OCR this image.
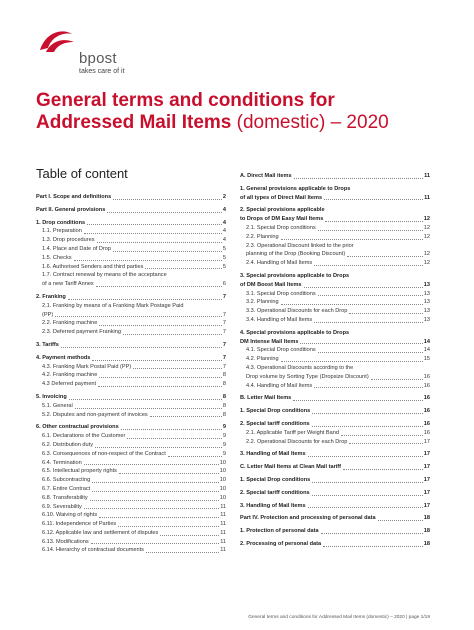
bpost
takes care of it
General terms and conditions for Addressed Mail Items (domestic) – 2020
Table of content
Part I. Scope and definitions	2
Part II. General provisions	4
1. Drop conditions	4
1.1. Preparation	4
1.3. Drop procedures	4
1.4. Place and Date of Drop	5
1.5. Checks	5
1.6. Authorised Senders and third parties	5
1.7. Contract renewal by means of the acceptance
of a new Tariff Annex	6
2. Franking	7
2.1. Franking by means of a Franking Mark Postage Paid
(PP)	7
2.2. Franking machine	7
2.3. Deferred payment Franking	7
3. Tariffs	7
4. Payment methods	7
4.3. Franking Mark Postal Paid (PP)	7
4.2. Franking machine	8
4.3 Deferred payment	8
5. Invoicing	8
5.1. General	8
5.2. Disputes and non-payment of invoices	8
6. Other contractual provisions	9
6.1. Declarations of the Customer	9
6.2. Distribution duty	9
6.3. Consequences of non-respect of the Contract	9
6.4. Termination	10
6.5. Intellectual property rights	10
6.6. Subcontracting	10
6.7. Entire Contract	10
6.8. Transferability	10
6.9. Severability	11
6.10. Waiving of rights	11
6.11. Independence of Parties	11
6.12. Applicable law and settlement of disputes	11
6.13. Modifications	11
6.14. Hierarchy of contractual documents	11
A. Direct Mail items	11
1. General provisions applicable to Drops
of all types of Direct Mail Items	11
2. Special provisions applicable
to Drops of DM Easy Mail Items	12
2.1. Special Drop conditions	12
2.2. Planning	12
2.3. Operational Discount linked to the prior
planning of the Drop (Booking Discount)	12
2.4. Handling of Mail Items	12
3. Special provisions applicable to Drops
of DM Boost Mail Items	13
3.1. Special Drop conditions	13
3.2. Planning	13
3.3. Operational Discounts for each Drop	13
3.4. Handling of Mail Items	13
4. Special provisions applicable to Drops
DM Intense Mail Items	14
4.1. Special Drop conditions	14
4.2. Planning	15
4.3. Operational Discounts according to the
Drop volume by Sorting Type (Dropsize Discount)	16
4.4. Handling of Mail Items	16
B. Letter Mail Items	16
1. Special Drop conditions	16
2. Special tariff conditions	16
2.1. Applicable Tariff per Weight Band	16
2.2. Operational Discounts for each Drop	17
3. Handling of Mail Items	17
C. Letter Mail Items at Clean Mail tariff	17
1. Special Drop conditions	17
2. Special tariff conditions	17
3. Handling of Mail Items	17
Part IV. Protection and processing of personal data	18
1. Protection of personal data	18
2. Processing of personal data	18
General terms and conditions for Addressed Mail Items (domestic) – 2020 | page 1/19
